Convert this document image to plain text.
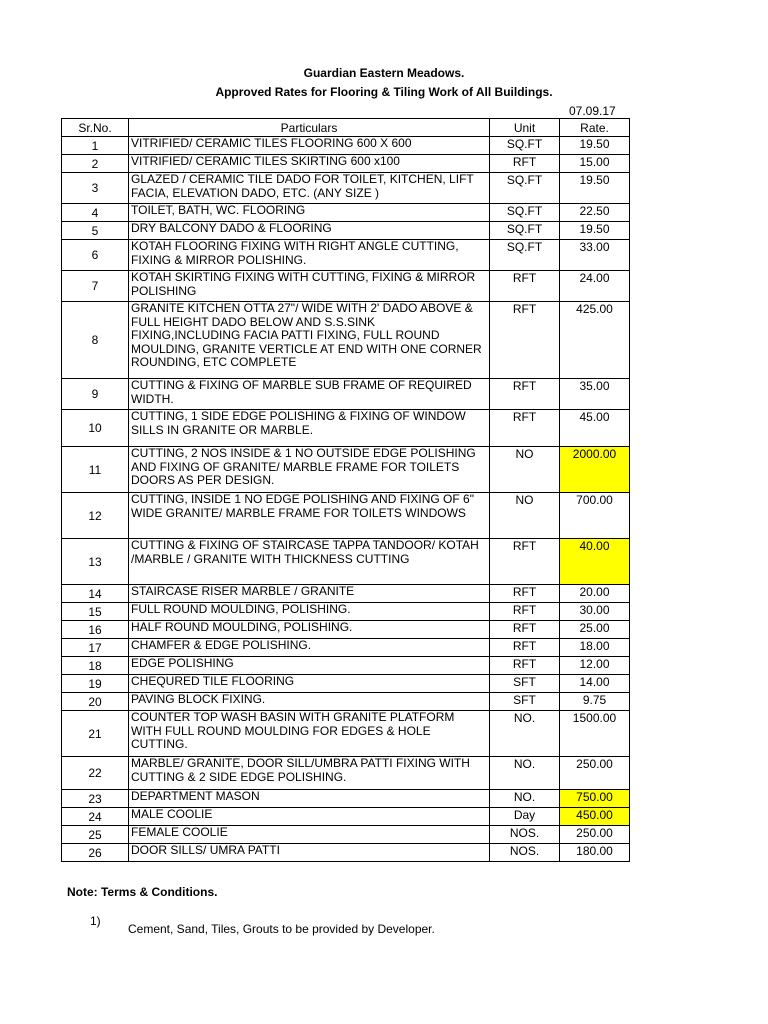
Guardian Eastern Meadows.
Approved Rates for Flooring & Tiling Work of All Buildings.
07.09.17
Sr.No.	Particulars	Unit	Rate.
1	VITRIFIED/ CERAMIC TILES FLOORING 600 X 600	SQ.FT	19.50
2	VITRIFIED/ CERAMIC TILES SKIRTING 600 x100	RFT	15.00
3	GLAZED / CERAMIC TILE DADO FOR TOILET, KITCHEN, LIFT FACIA, ELEVATION DADO, ETC. (ANY SIZE )	SQ.FT	19.50
4	TOILET, BATH, WC. FLOORING	SQ.FT	22.50
5	DRY BALCONY DADO & FLOORING	SQ.FT	19.50
6	KOTAH FLOORING FIXING WITH RIGHT ANGLE CUTTING, FIXING & MIRROR POLISHING.	SQ.FT	33.00
7	KOTAH SKIRTING FIXING WITH CUTTING, FIXING & MIRROR POLISHING	RFT	24.00
8	GRANITE KITCHEN OTTA 27"/ WIDE WITH 2' DADO ABOVE & FULL HEIGHT DADO BELOW AND S.S.SINK FIXING,INCLUDING FACIA PATTI FIXING, FULL ROUND MOULDING, GRANITE VERTICLE AT END WITH ONE CORNER ROUNDING, ETC COMPLETE	RFT	425.00
9	CUTTING & FIXING OF MARBLE SUB FRAME OF REQUIRED WIDTH.	RFT	35.00
10	CUTTING, 1 SIDE EDGE POLISHING & FIXING OF WINDOW SILLS IN GRANITE OR MARBLE.	RFT	45.00
11	CUTTING, 2 NOS INSIDE & 1 NO OUTSIDE EDGE POLISHING AND FIXING OF GRANITE/ MARBLE FRAME FOR TOILETS DOORS AS PER DESIGN.	NO	2000.00
12	CUTTING, INSIDE 1 NO EDGE POLISHING AND FIXING OF 6" WIDE GRANITE/ MARBLE FRAME FOR TOILETS WINDOWS	NO	700.00
13	CUTTING & FIXING OF STAIRCASE TAPPA TANDOOR/ KOTAH /MARBLE / GRANITE WITH THICKNESS CUTTING	RFT	40.00
14	STAIRCASE RISER MARBLE / GRANITE	RFT	20.00
15	FULL ROUND MOULDING, POLISHING.	RFT	30.00
16	HALF ROUND MOULDING, POLISHING.	RFT	25.00
17	CHAMFER & EDGE POLISHING.	RFT	18.00
18	EDGE POLISHING	RFT	12.00
19	CHEQURED TILE FLOORING	SFT	14.00
20	PAVING BLOCK FIXING.	SFT	9.75
21	COUNTER TOP WASH BASIN WITH GRANITE PLATFORM WITH FULL ROUND MOULDING FOR EDGES & HOLE CUTTING.	NO.	1500.00
22	MARBLE/ GRANITE, DOOR SILL/UMBRA PATTI FIXING WITH CUTTING & 2 SIDE EDGE POLISHING.	NO.	250.00
23	DEPARTMENT MASON	NO.	750.00
24	MALE COOLIE	Day	450.00
25	FEMALE COOLIE	NOS.	250.00
26	DOOR SILLS/ UMRA PATTI	NOS.	180.00
Note: Terms & Conditions.
1)
Cement, Sand, Tiles, Grouts to be provided by Developer.
